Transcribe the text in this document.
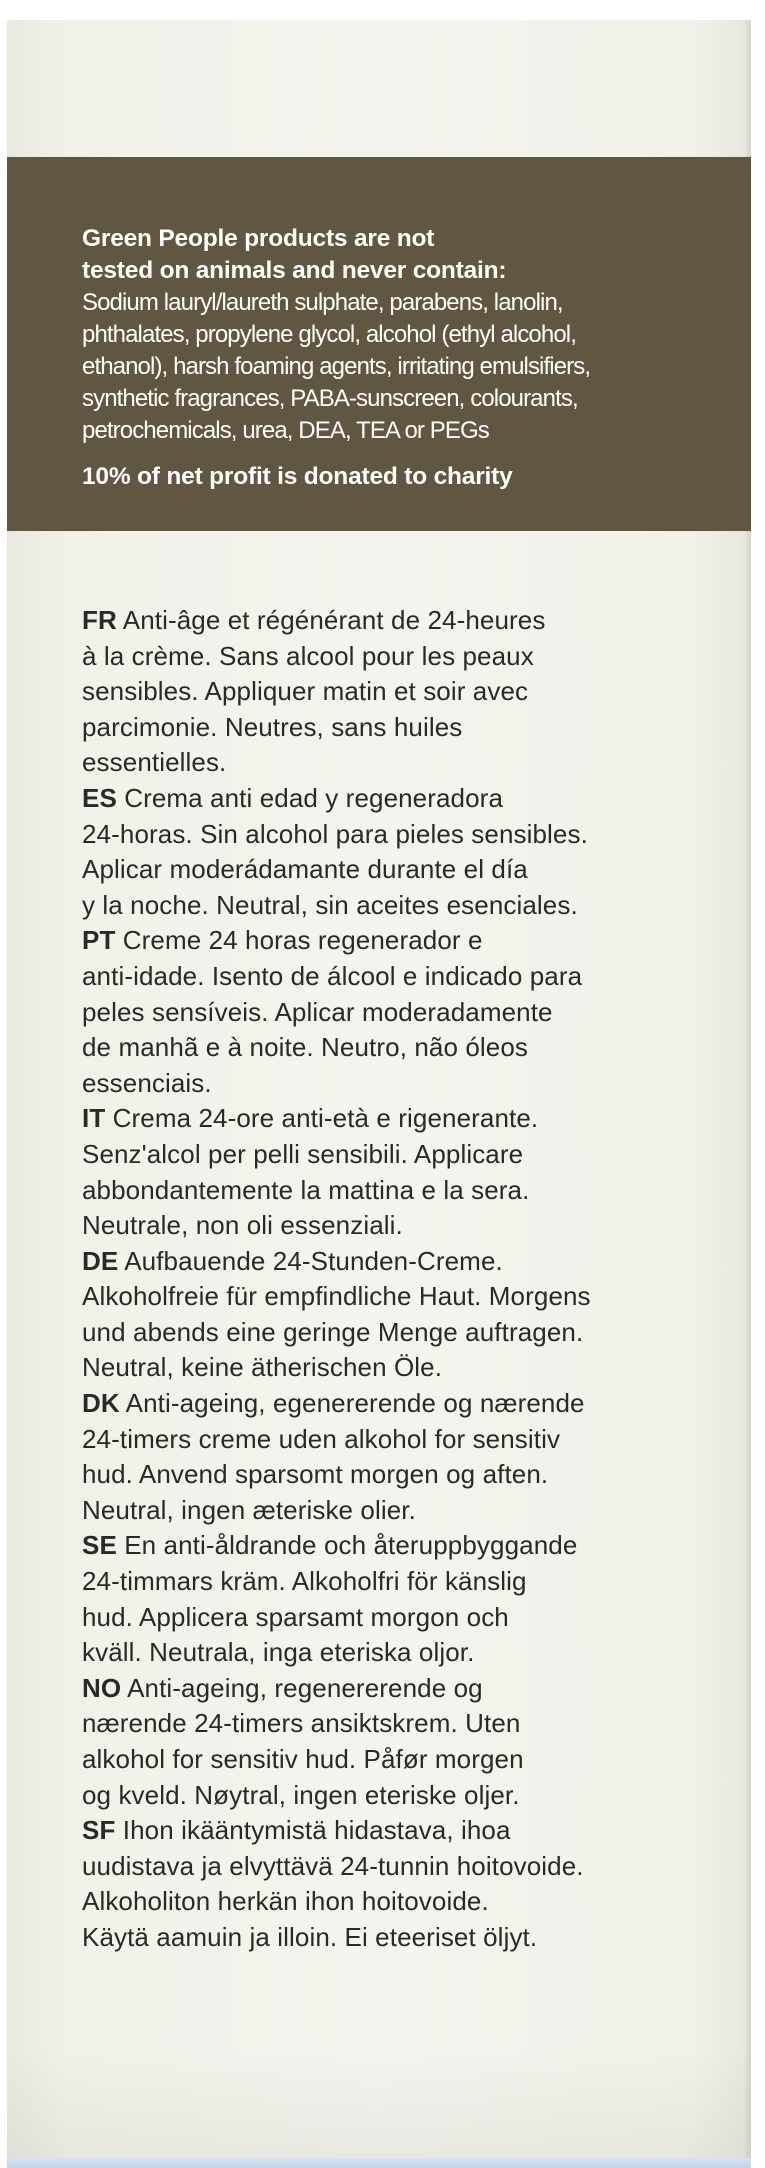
Green People products are not
tested on animals and never contain:
Sodium lauryl/laureth sulphate, parabens, lanolin,
phthalates, propylene glycol, alcohol (ethyl alcohol,
ethanol), harsh foaming agents, irritating emulsifiers,
synthetic fragrances, PABA-sunscreen, colourants,
petrochemicals, urea, DEA, TEA or PEGs
10% of net profit is donated to charity

FR Anti-âge et régénérant de 24-heures

à la crème. Sans alcool pour les peaux

sensibles. Appliquer matin et soir avec

parcimonie. Neutres, sans huiles

essentielles.

ES Crema anti edad y regeneradora

24-horas. Sin alcohol para pieles sensibles.

Aplicar moderádamante durante el día

y la noche. Neutral, sin aceites esenciales.

PT Creme 24 horas regenerador e

anti-idade. Isento de álcool e indicado para

peles sensíveis. Aplicar moderadamente

de manhã e à noite. Neutro, não óleos

essenciais.

IT Crema 24-ore anti-età e rigenerante.

Senz'alcol per pelli sensibili. Applicare

abbondantemente la mattina e la sera.

Neutrale, non oli essenziali.

DE Aufbauende 24-Stunden-Creme.

Alkoholfreie für empfindliche Haut. Morgens

und abends eine geringe Menge auftragen.

Neutral, keine ätherischen Öle.

DK Anti-ageing, egenererende og nærende

24-timers creme uden alkohol for sensitiv

hud. Anvend sparsomt morgen og aften.

Neutral, ingen æteriske olier.

SE En anti-åldrande och återuppbyggande

24-timmars kräm. Alkoholfri för känslig

hud. Applicera sparsamt morgon och

kväll. Neutrala, inga eteriska oljor.

NO Anti-ageing, regenererende og

nærende 24-timers ansiktskrem. Uten

alkohol for sensitiv hud. Påfør morgen

og kveld. Nøytral, ingen eteriske oljer.

SF Ihon ikääntymistä hidastava, ihoa

uudistava ja elvyttävä 24-tunnin hoitovoide.

Alkoholiton herkän ihon hoitovoide.

Käytä aamuin ja illoin. Ei eteeriset öljyt.
